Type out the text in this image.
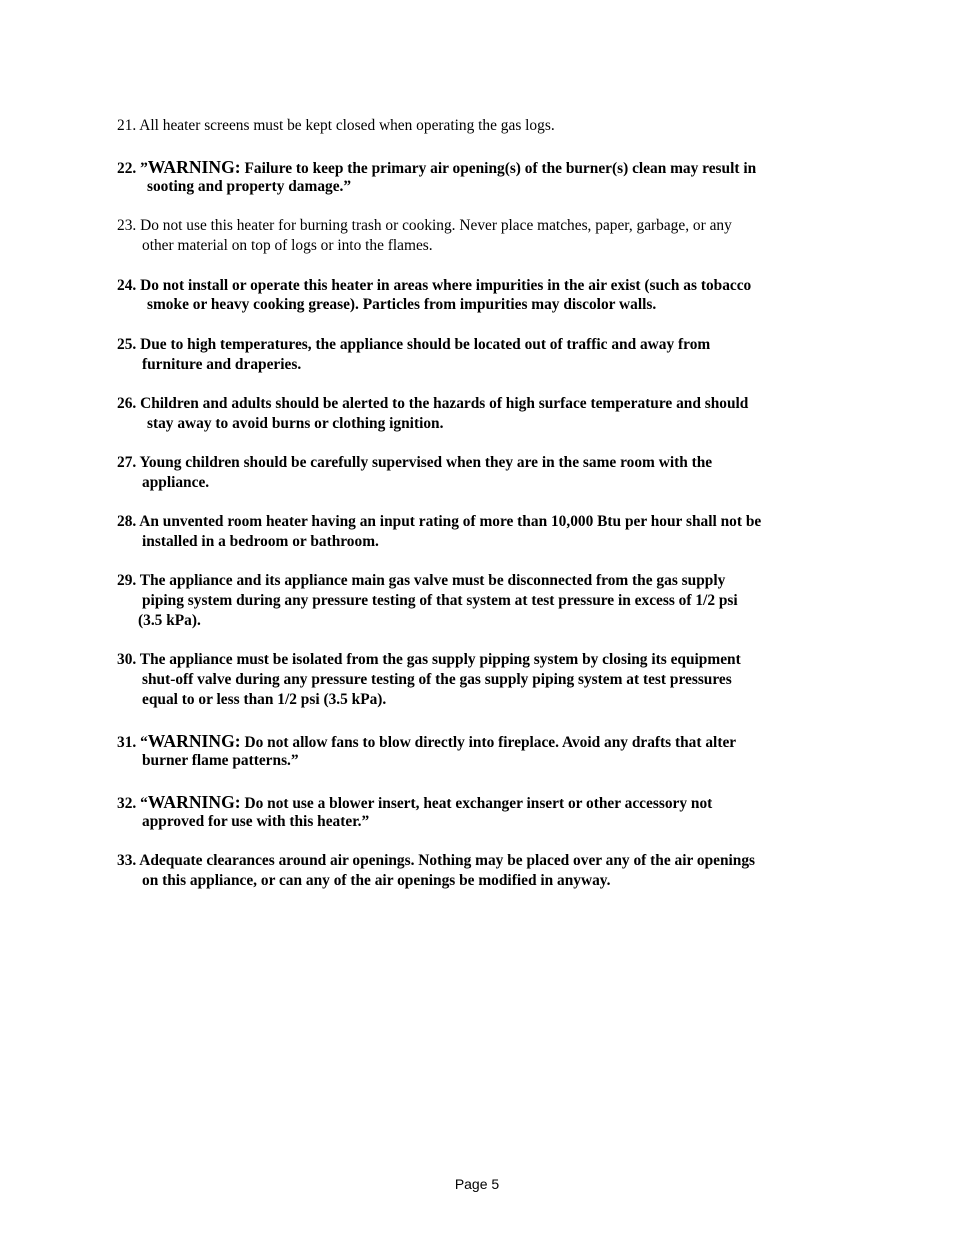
21. All heater screens must be kept closed when operating the gas logs.
22. ”WARNING: Failure to keep the primary air opening(s) of the burner(s) clean may result in
sooting and property damage.”
23. Do not use this heater for burning trash or cooking. Never place matches, paper, garbage, or any
other material on top of logs or into the flames.
24. Do not install or operate this heater in areas where impurities in the air exist (such as tobacco
smoke or heavy cooking grease). Particles from impurities may discolor walls.
25. Due to high temperatures, the appliance should be located out of traffic and away from
furniture and draperies.
26. Children and adults should be alerted to the hazards of high surface temperature and should
stay away to avoid burns or clothing ignition.
27. Young children should be carefully supervised when they are in the same room with the
appliance.
28. An unvented room heater having an input rating of more than 10,000 Btu per hour shall not be
installed in a bedroom or bathroom.
29. The appliance and its appliance main gas valve must be disconnected from the gas supply
piping system during any pressure testing of that system at test pressure in excess of 1/2 psi
(3.5 kPa).
30. The appliance must be isolated from the gas supply pipping system by closing its equipment
shut-off valve during any pressure testing of the gas supply piping system at test pressures
equal to or less than 1/2 psi (3.5 kPa).
31. “WARNING: Do not allow fans to blow directly into fireplace. Avoid any drafts that alter
burner flame patterns.”
32. “WARNING: Do not use a blower insert, heat exchanger insert or other accessory not
approved for use with this heater.”
33. Adequate clearances around air openings. Nothing may be placed over any of the air openings
on this appliance, or can any of the air openings be modified in anyway.
Page 5
